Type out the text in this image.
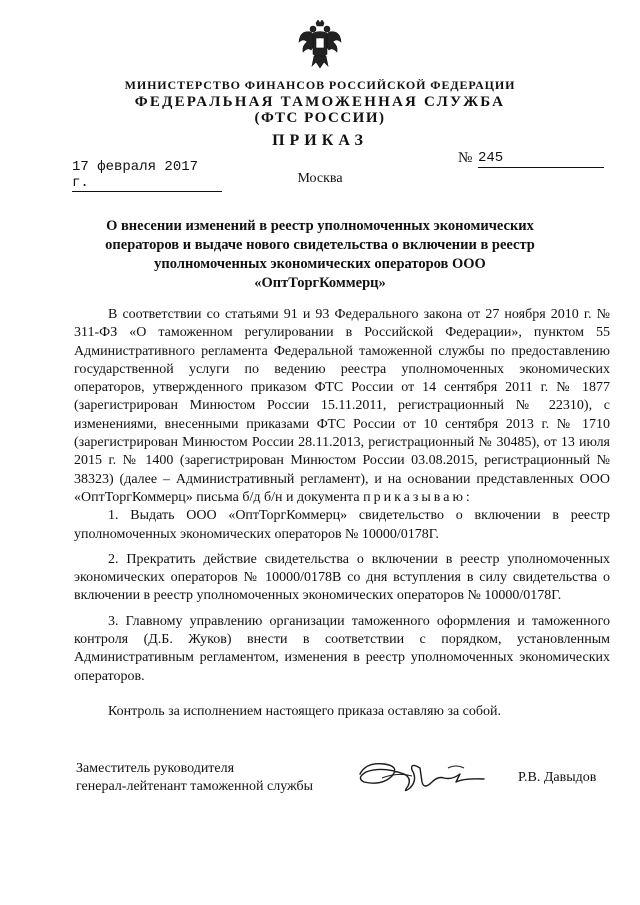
МИНИСТЕРСТВО ФИНАНСОВ РОССИЙСКОЙ ФЕДЕРАЦИИ
ФЕДЕРАЛЬНАЯ ТАМОЖЕННАЯ СЛУЖБА
(ФТС РОССИИ)
ПРИКАЗ
17 февраля 2017 г.
№ 245
Москва
О внесении изменений в реестр уполномоченных экономических операторов и выдаче нового свидетельства о включении в реестр уполномоченных экономических операторов ООО «ОптТоргКоммерц»

В соответствии со статьями 91 и 93 Федерального закона от 27 ноября 2010 г. № 311-ФЗ «О таможенном регулировании в Российской Федерации», пунктом 55 Административного регламента Федеральной таможенной службы по предоставлению государственной услуги по ведению реестра уполномоченных экономических операторов, утвержденного приказом ФТС России от 14 сентября 2011 г. № 1877 (зарегистрирован Минюстом России 15.11.2011, регистрационный № 22310), с изменениями, внесенными приказами ФТС России от 10 сентября 2013 г. № 1710 (зарегистрирован Минюстом России 28.11.2013, регистрационный № 30485), от 13 июля 2015 г. № 1400 (зарегистрирован Минюстом России 03.08.2015, регистрационный № 38323) (далее – Административный регламент), и на основании представленных ООО «ОптТоргКоммерц» письма б/д б/н и документа приказываю:

1. Выдать ООО «ОптТоргКоммерц» свидетельство о включении в реестр уполномоченных экономических операторов № 10000/0178Г.

2. Прекратить действие свидетельства о включении в реестр уполномоченных экономических операторов № 10000/0178В со дня вступления в силу свидетельства о включении в реестр уполномоченных экономических операторов № 10000/0178Г.

3. Главному управлению организации таможенного оформления и таможенного контроля (Д.Б. Жуков) внести в соответствии с порядком, установленным Административным регламентом, изменения в реестр уполномоченных экономических операторов.

Контроль за исполнением настоящего приказа оставляю за собой.
Заместитель руководителя
генерал-лейтенант таможенной службы
Р.В. Давыдов
